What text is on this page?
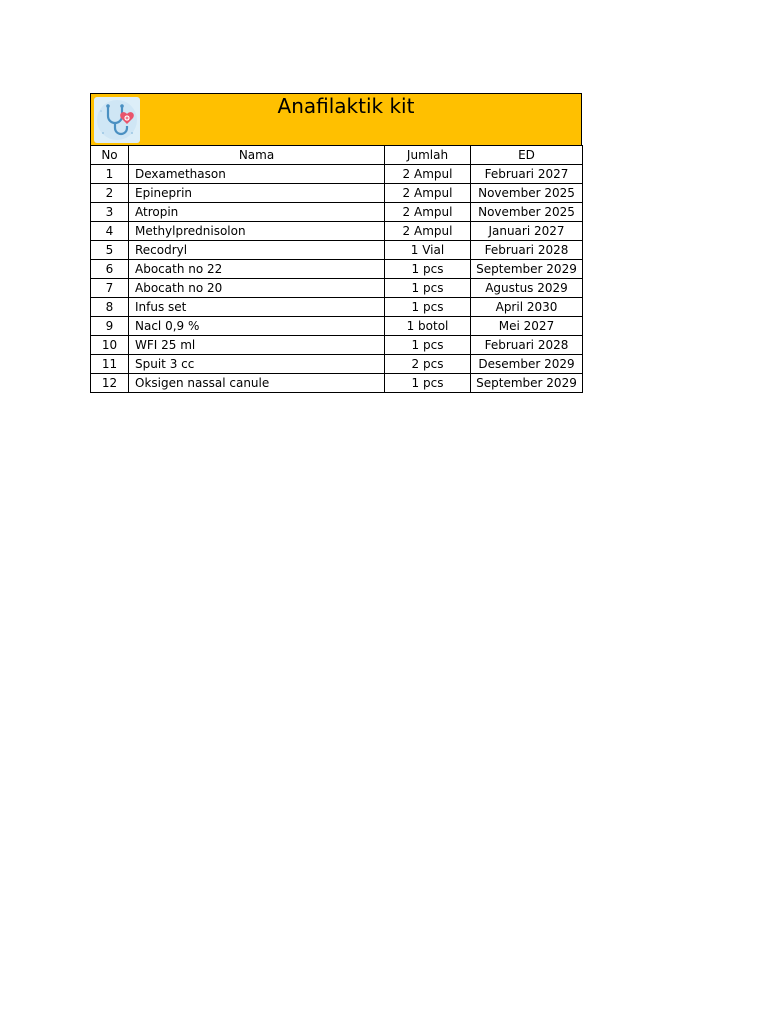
Anafilaktik kit
No	Nama	Jumlah	ED
1	Dexamethason	2 Ampul	Februari 2027
2	Epineprin	2 Ampul	November 2025
3	Atropin	2 Ampul	November 2025
4	Methylprednisolon	2 Ampul	Januari 2027
5	Recodryl	1 Vial	Februari 2028
6	Abocath no 22	1 pcs	September 2029
7	Abocath no 20	1 pcs	Agustus 2029
8	Infus set	1 pcs	April 2030
9	Nacl 0,9 %	1 botol	Mei 2027
10	WFI 25 ml	1 pcs	Februari 2028
11	Spuit 3 cc	2 pcs	Desember 2029
12	Oksigen nassal canule	1 pcs	September 2029
